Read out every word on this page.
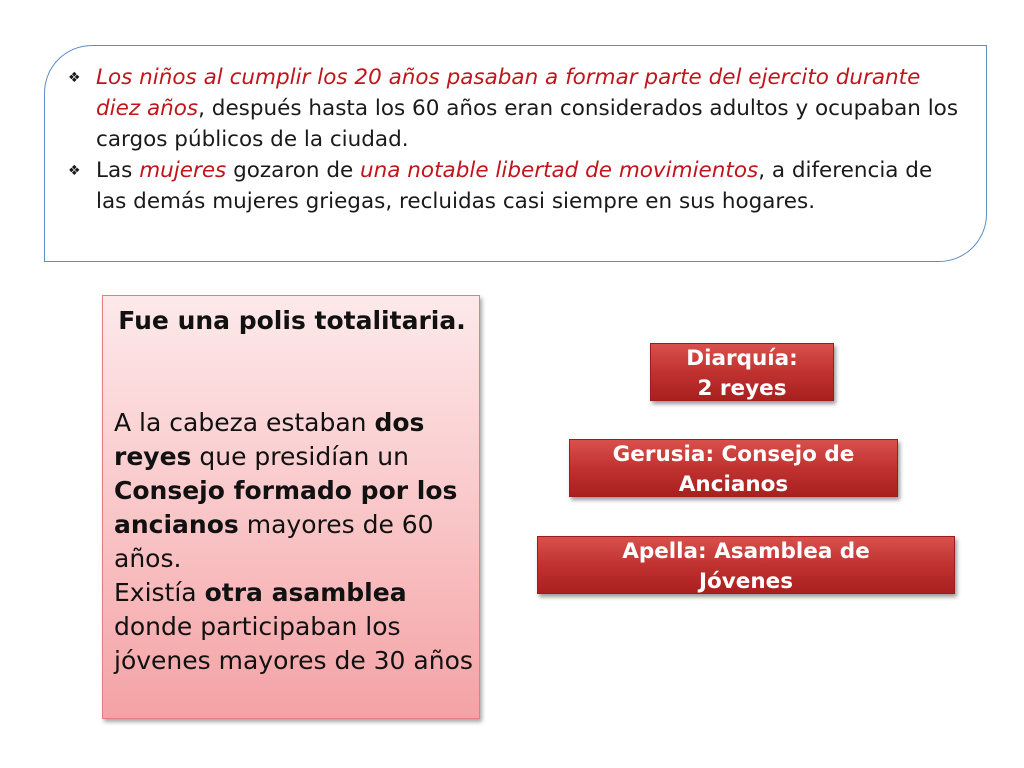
❖ Los niños al cumplir los 20 años pasaban a formar parte del ejercito durante diez años, después hasta los 60 años eran considerados adultos y ocupaban los cargos públicos de la ciudad.
❖ Las mujeres gozaron de una notable libertad de movimientos, a diferencia de las demás mujeres griegas, recluidas casi siempre en sus hogares.
Fue una polis totalitaria.
A la cabeza estaban dos reyes que presidían un Consejo formado por los ancianos mayores de 60 años.
Existía otra asamblea donde participaban los jóvenes mayores de 30 años
Diarquía:
2 reyes
Gerusia: Consejo de
Ancianos
Apella: Asamblea de
Jóvenes
